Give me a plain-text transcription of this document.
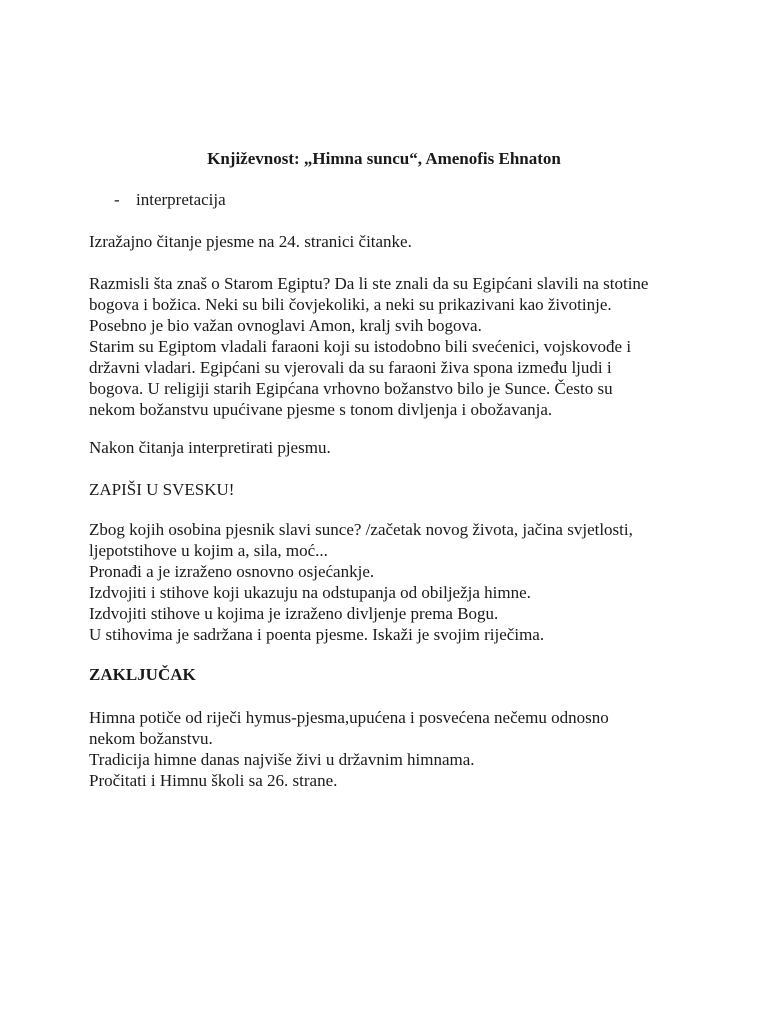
Književnost: „Himna suncu“, Amenofis Ehnaton
- interpretacija
Izražajno čitanje pjesme na 24. stranici čitanke.
Razmisli šta znaš o Starom Egiptu? Da li ste znali da su Egipćani slavili na stotine
bogova i božica. Neki su bili čovjekoliki, a neki su prikazivani kao životinje.
Posebno je bio važan ovnoglavi Amon, kralj svih bogova.
Starim su Egiptom vladali faraoni koji su istodobno bili svećenici, vojskovođe i
državni vladari. Egipćani su vjerovali da su faraoni živa spona između ljudi i
bogova. U religiji starih Egipćana vrhovno božanstvo bilo je Sunce. Često su
nekom božanstvu upućivane pjesme s tonom divljenja i obožavanja.
Nakon čitanja interpretirati pjesmu.
ZAPIŠI U SVESKU!
Zbog kojih osobina pjesnik slavi sunce? /začetak novog života, jačina svjetlosti,
ljepotstihove u kojim a, sila, moć...
Pronađi a je izraženo osnovno osjećankje.
Izdvojiti i stihove koji ukazuju na odstupanja od obilježja himne.
Izdvojiti stihove u kojima je izraženo divljenje prema Bogu.
U stihovima je sadržana i poenta pjesme. Iskaži je svojim riječima.
ZAKLJUČAK
Himna potiče od riječi hymus-pjesma,upućena i posvećena nečemu odnosno
nekom božanstvu.
Tradicija himne danas najviše živi u državnim himnama.
Pročitati i Himnu školi sa 26. strane.
